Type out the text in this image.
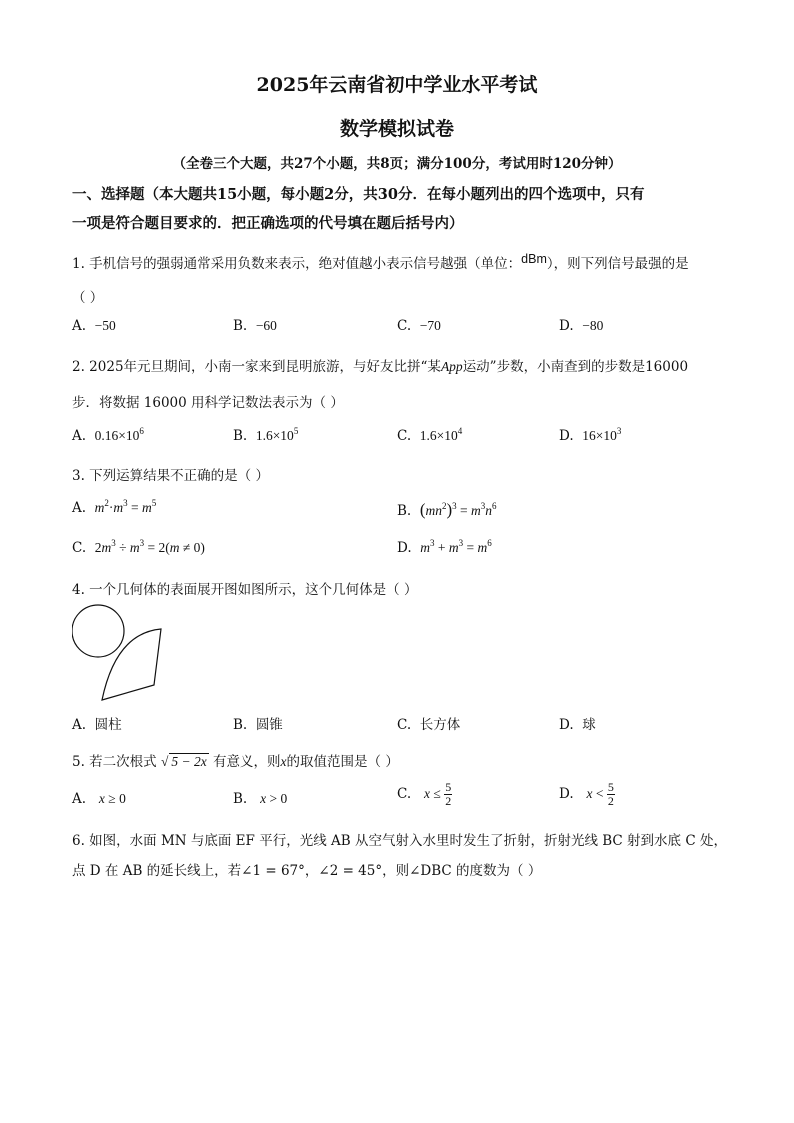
2025年云南省初中学业水平考试
数学模拟试卷
（全卷三个大题，共27个小题，共8页；满分100分，考试用时120分钟）
一、选择题（本大题共15小题，每小题2分，共30分．在每小题列出的四个选项中，只有
一项是符合题目要求的．把正确选项的代号填在题后括号内）
1. 手机信号的强弱通常采用负数来表示，绝对值越小表示信号越强（单位：dBm），则下列信号最强的是
（ ）
A. −50	B. −60	C. −70	D. −80
2. 2025年元旦期间，小南一家来到昆明旅游，与好友比拼“某App运动”步数，小南查到的步数是16000
步．将数据 16000 用科学记数法表示为（ ）
A. $0.16\times 10^6$	B. $1.6\times 10^5$	C. $1.6\times 10^4$	D. $16\times 10^3$
3. 下列运算结果不正确的是（ ）
A. $m^2\cdot m^3 = m^5$	B. $(mn^2)^3 = m^3n^6$
C. $2m^3 \div m^3 = 2(m \ne 0)$	D. $m^3 + m^3 = m^6$
4. 一个几何体的表面展开图如图所示，这个几何体是（ ）
A. 圆柱	B. 圆锥	C. 长方体	D. 球
5. 若二次根式 √ 5 − 2x 有意义，则x的取值范围是（ ）
A. x ≥ 0	B. x > 0	C. $x \le \frac{5}{2}$	D. $x < \frac{5}{2}$
6. 如图，水面 MN 与底面 EF 平行，光线 AB 从空气射入水里时发生了折射，折射光线 BC 射到水底 C 处，
点 D 在 AB 的延长线上，若∠1 = 67°，∠2 = 45°，则∠DBC 的度数为（ ）
